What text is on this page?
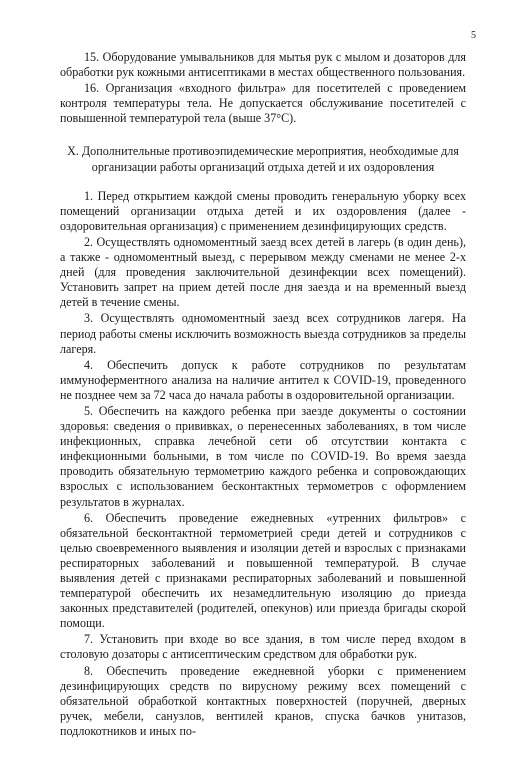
5

15. Оборудование умывальников для мытья рук с мылом и дозаторов для обработки рук кожными антисептиками в местах общественного пользования.

16. Организация «входного фильтра» для посетителей с проведением контроля температуры тела. Не допускается обслуживание посетителей с повышенной температурой тела (выше 37°С).

X. Дополнительные противоэпидемические мероприятия, необходимые для организации работы организаций отдыха детей и их оздоровления

1. Перед открытием каждой смены проводить генеральную уборку всех помещений организации отдыха детей и их оздоровления (далее - оздоровительная организация) с применением дезинфицирующих средств.

2. Осуществлять одномоментный заезд всех детей в лагерь (в один день), а также - одномоментный выезд, с перерывом между сменами не менее 2-х дней (для проведения заключительной дезинфекции всех помещений). Установить запрет на прием детей после дня заезда и на временный выезд детей в течение смены.

3. Осуществлять одномоментный заезд всех сотрудников лагеря. На период работы смены исключить возможность выезда сотрудников за пределы лагеря.

4. Обеспечить допуск к работе сотрудников по результатам иммуноферментного анализа на наличие антител к COVID-19, проведенного не позднее чем за 72 часа до начала работы в оздоровительной организации.

5. Обеспечить на каждого ребенка при заезде документы о состоянии здоровья: сведения о прививках, о перенесенных заболеваниях, в том числе инфекционных, справка лечебной сети об отсутствии контакта с инфекционными больными, в том числе по COVID-19. Во время заезда проводить обязательную термометрию каждого ребенка и сопровождающих взрослых с использованием бесконтактных термометров с оформлением результатов в журналах.

6. Обеспечить проведение ежедневных «утренних фильтров» с обязательной бесконтактной термометрией среди детей и сотрудников с целью своевременного выявления и изоляции детей и взрослых с признаками респираторных заболеваний и повышенной температурой. В случае выявления детей с признаками респираторных заболеваний и повышенной температурой обеспечить их незамедлительную изоляцию до приезда законных представителей (родителей, опекунов) или приезда бригады скорой помощи.

7. Установить при входе во все здания, в том числе перед входом в столовую дозаторы с антисептическим средством для обработки рук.

8. Обеспечить проведение ежедневной уборки с применением дезинфицирующих средств по вирусному режиму всех помещений с обязательной обработкой контактных поверхностей (поручней, дверных ручек, мебели, санузлов, вентилей кранов, спуска бачков унитазов, подлокотников и иных по-
